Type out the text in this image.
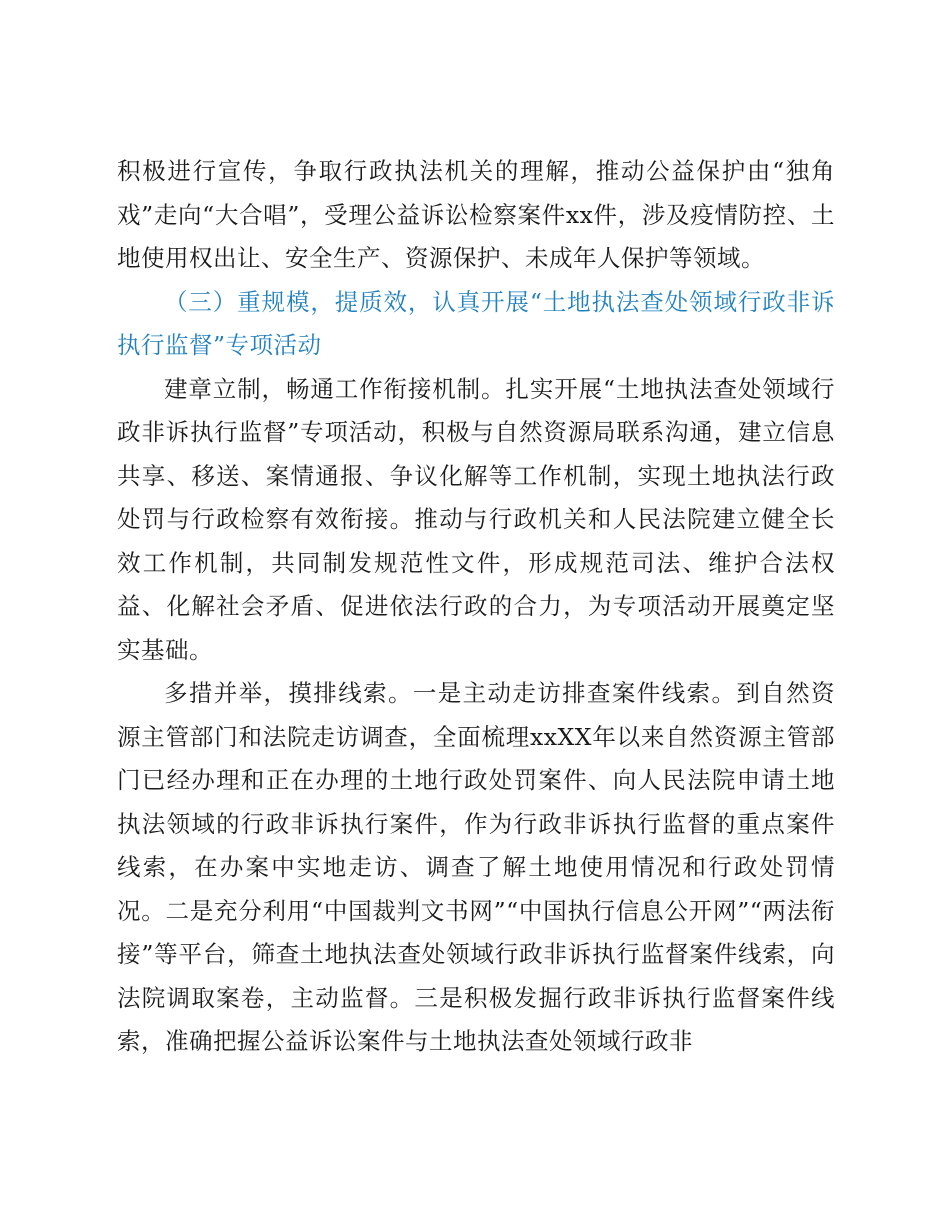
积极进行宣传，争取行政执法机关的理解，推动公益保护由“独角戏”走向“大合唱”，受理公益诉讼检察案件xx件，涉及疫情防控、土地使用权出让、安全生产、资源保护、未成年人保护等领域。

（三）重规模，提质效，认真开展“土地执法查处领域行政非诉执行监督”专项活动

建章立制，畅通工作衔接机制。扎实开展“土地执法查处领域行政非诉执行监督”专项活动，积极与自然资源局联系沟通，建立信息共享、移送、案情通报、争议化解等工作机制，实现土地执法行政处罚与行政检察有效衔接。推动与行政机关和人民法院建立健全长效工作机制，共同制发规范性文件，形成规范司法、维护合法权益、化解社会矛盾、促进依法行政的合力，为专项活动开展奠定坚实基础。

多措并举，摸排线索。一是主动走访排查案件线索。到自然资源主管部门和法院走访调查，全面梳理xxXX年以来自然资源主管部门已经办理和正在办理的土地行政处罚案件、向人民法院申请土地执法领域的行政非诉执行案件，作为行政非诉执行监督的重点案件线索，在办案中实地走访、调查了解土地使用情况和行政处罚情况。二是充分利用“中国裁判文书网”“中国执行信息公开网”“两法衔接”等平台，筛查土地执法查处领域行政非诉执行监督案件线索，向法院调取案卷，主动监督。三是积极发掘行政非诉执行监督案件线索，准确把握公益诉讼案件与土地执法查处领域行政非
